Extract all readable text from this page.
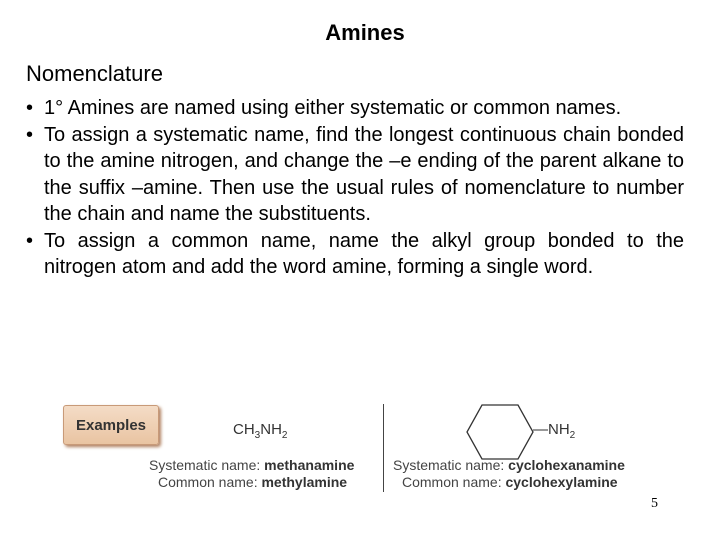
Amines
Nomenclature
• 1° Amines are named using either systematic or common names.
• To assign a systematic name, find the longest continuous chain bonded to the amine nitrogen, and change the –e ending of the parent alkane to the suffix –amine. Then use the usual rules of nomenclature to number the chain and name the substituents.
• To assign a common name, name the alkyl group bonded to the nitrogen atom and add the word amine, forming a single word.
Examples	$CH_3NH_2$	$—NH_2$
Systematic name: methanamine
Common name: methylamine
Systematic name: cyclohexanamine
Common name: cyclohexylamine
5
